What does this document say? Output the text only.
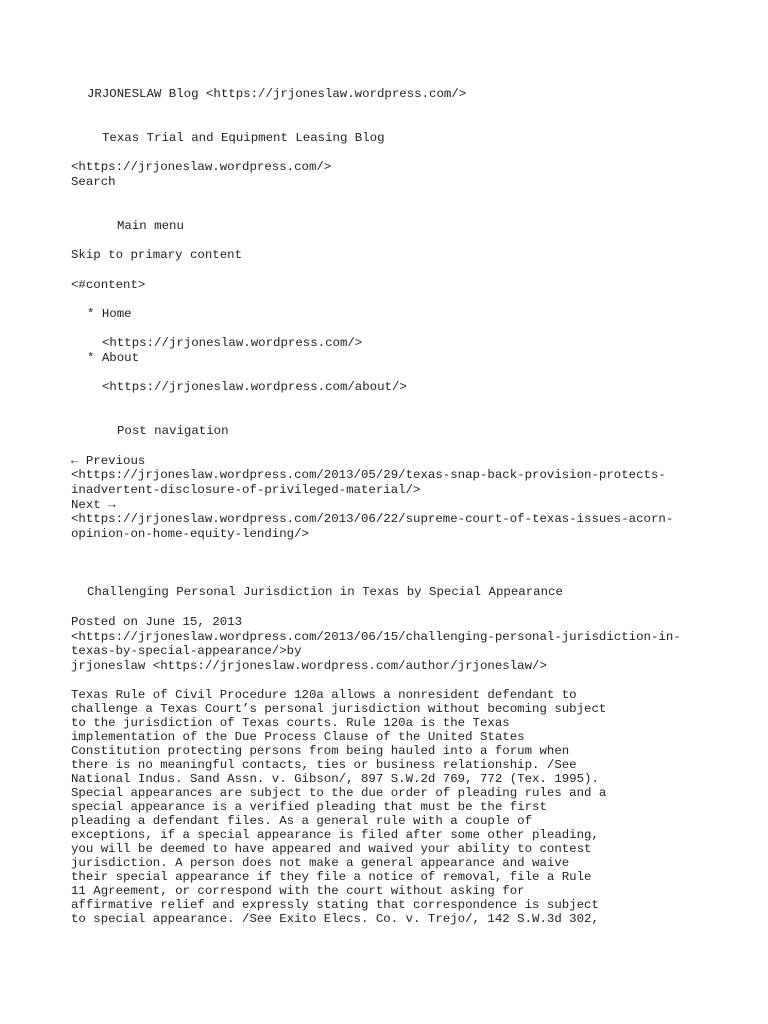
JRJONESLAW Blog <https://jrjoneslaw.wordpress.com/>
Texas Trial and Equipment Leasing Blog
<https://jrjoneslaw.wordpress.com/>
Search
Main menu
Skip to primary content
<#content>
* Home
<https://jrjoneslaw.wordpress.com/>
* About
<https://jrjoneslaw.wordpress.com/about/>
Post navigation
← Previous
<https://jrjoneslaw.wordpress.com/2013/05/29/texas-snap-back-provision-protects-
inadvertent-disclosure-of-privileged-material/>
Next →
<https://jrjoneslaw.wordpress.com/2013/06/22/supreme-court-of-texas-issues-acorn-
opinion-on-home-equity-lending/>
Challenging Personal Jurisdiction in Texas by Special Appearance
Posted on June 15, 2013
<https://jrjoneslaw.wordpress.com/2013/06/15/challenging-personal-jurisdiction-in-
texas-by-special-appearance/>by
jrjoneslaw <https://jrjoneslaw.wordpress.com/author/jrjoneslaw/>
Texas Rule of Civil Procedure 120a allows a nonresident defendant to
challenge a Texas Court’s personal jurisdiction without becoming subject
to the jurisdiction of Texas courts. Rule 120a is the Texas
implementation of the Due Process Clause of the United States
Constitution protecting persons from being hauled into a forum when
there is no meaningful contacts, ties or business relationship. /See
National Indus. Sand Assn. v. Gibson/, 897 S.W.2d 769, 772 (Tex. 1995).
Special appearances are subject to the due order of pleading rules and a
special appearance is a verified pleading that must be the first
pleading a defendant files. As a general rule with a couple of
exceptions, if a special appearance is filed after some other pleading,
you will be deemed to have appeared and waived your ability to contest
jurisdiction. A person does not make a general appearance and waive
their special appearance if they file a notice of removal, file a Rule
11 Agreement, or correspond with the court without asking for
affirmative relief and expressly stating that correspondence is subject
to special appearance. /See Exito Elecs. Co. v. Trejo/, 142 S.W.3d 302,
